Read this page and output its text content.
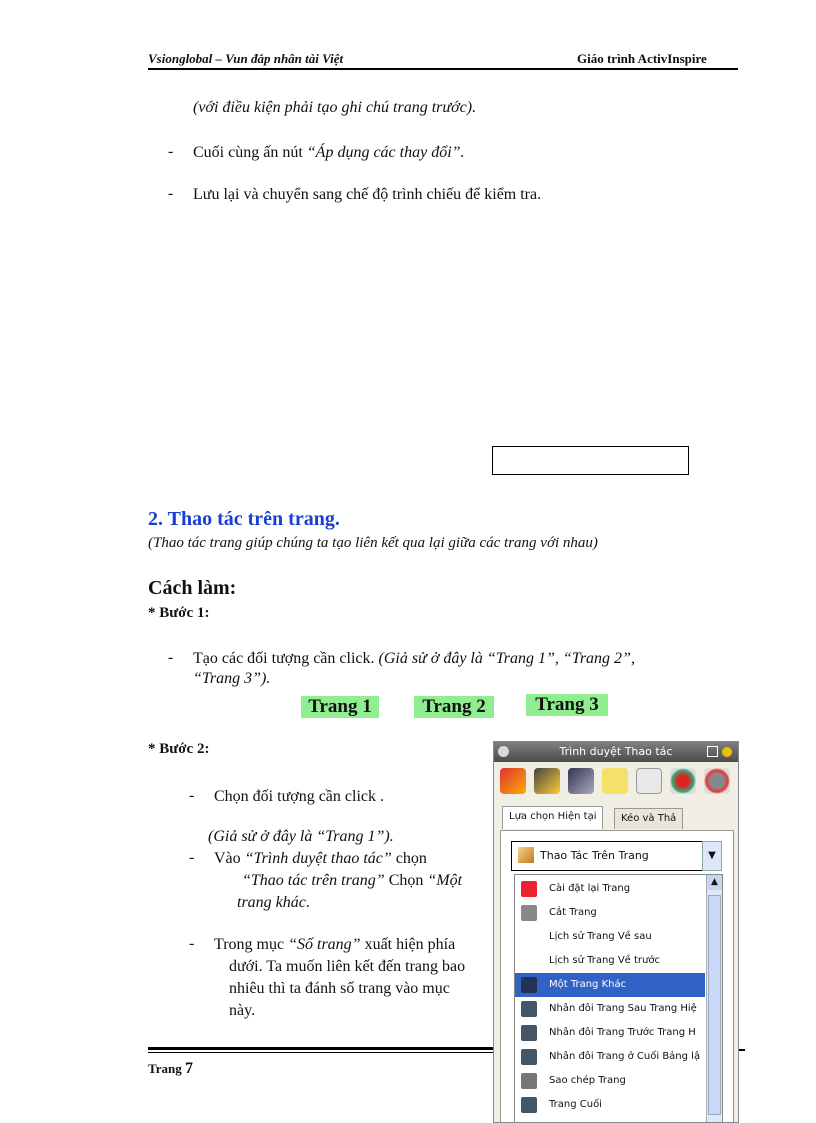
Vsionglobal – Vun đắp nhân tài Việt	Giáo trình ActivInspire
(với điều kiện phải tạo ghi chú trang trước).
- Cuối cùng ấn nút “Áp dụng các thay đổi”.
- Lưu lại và chuyển sang chế độ trình chiếu để kiểm tra.
2. Thao tác trên trang.
(Thao tác trang giúp chúng ta tạo liên kết qua lại giữa các trang với nhau)
Cách làm:
* Bước 1:
- Tạo các đối tượng cần click. (Giả sử ở đây là “Trang 1”, “Trang 2”,
“Trang 3”).
Trang 1	Trang 2	Trang 3
* Bước 2:
- Chọn đối tượng cần click .
(Giả sử ở đây là “Trang 1”).
- Vào “Trình duyệt thao tác” chọn
“Thao tác trên trang” Chọn “Một
trang khác.
- Trong mục “Số trang” xuất hiện phía
dưới. Ta muốn liên kết đến trang bao
nhiêu thì ta đánh số trang vào mục
này.
Trang 7
Trình duyệt Thao tác
Lựa chọn Hiện tại	Kéo và Thả
Thao Tác Trên Trang	▼
Trang Cuối
Sao chép Trang
Nhân đôi Trang ở Cuối Bảng lậ
Nhân đôi Trang Trước Trang H
Nhân đôi Trang Sau Trang Hiệ
Một Trang Khác
Lịch sử Trang Về trước
Lịch sử Trang Về sau
Cắt Trang
Cài đặt lại Trang
▲
